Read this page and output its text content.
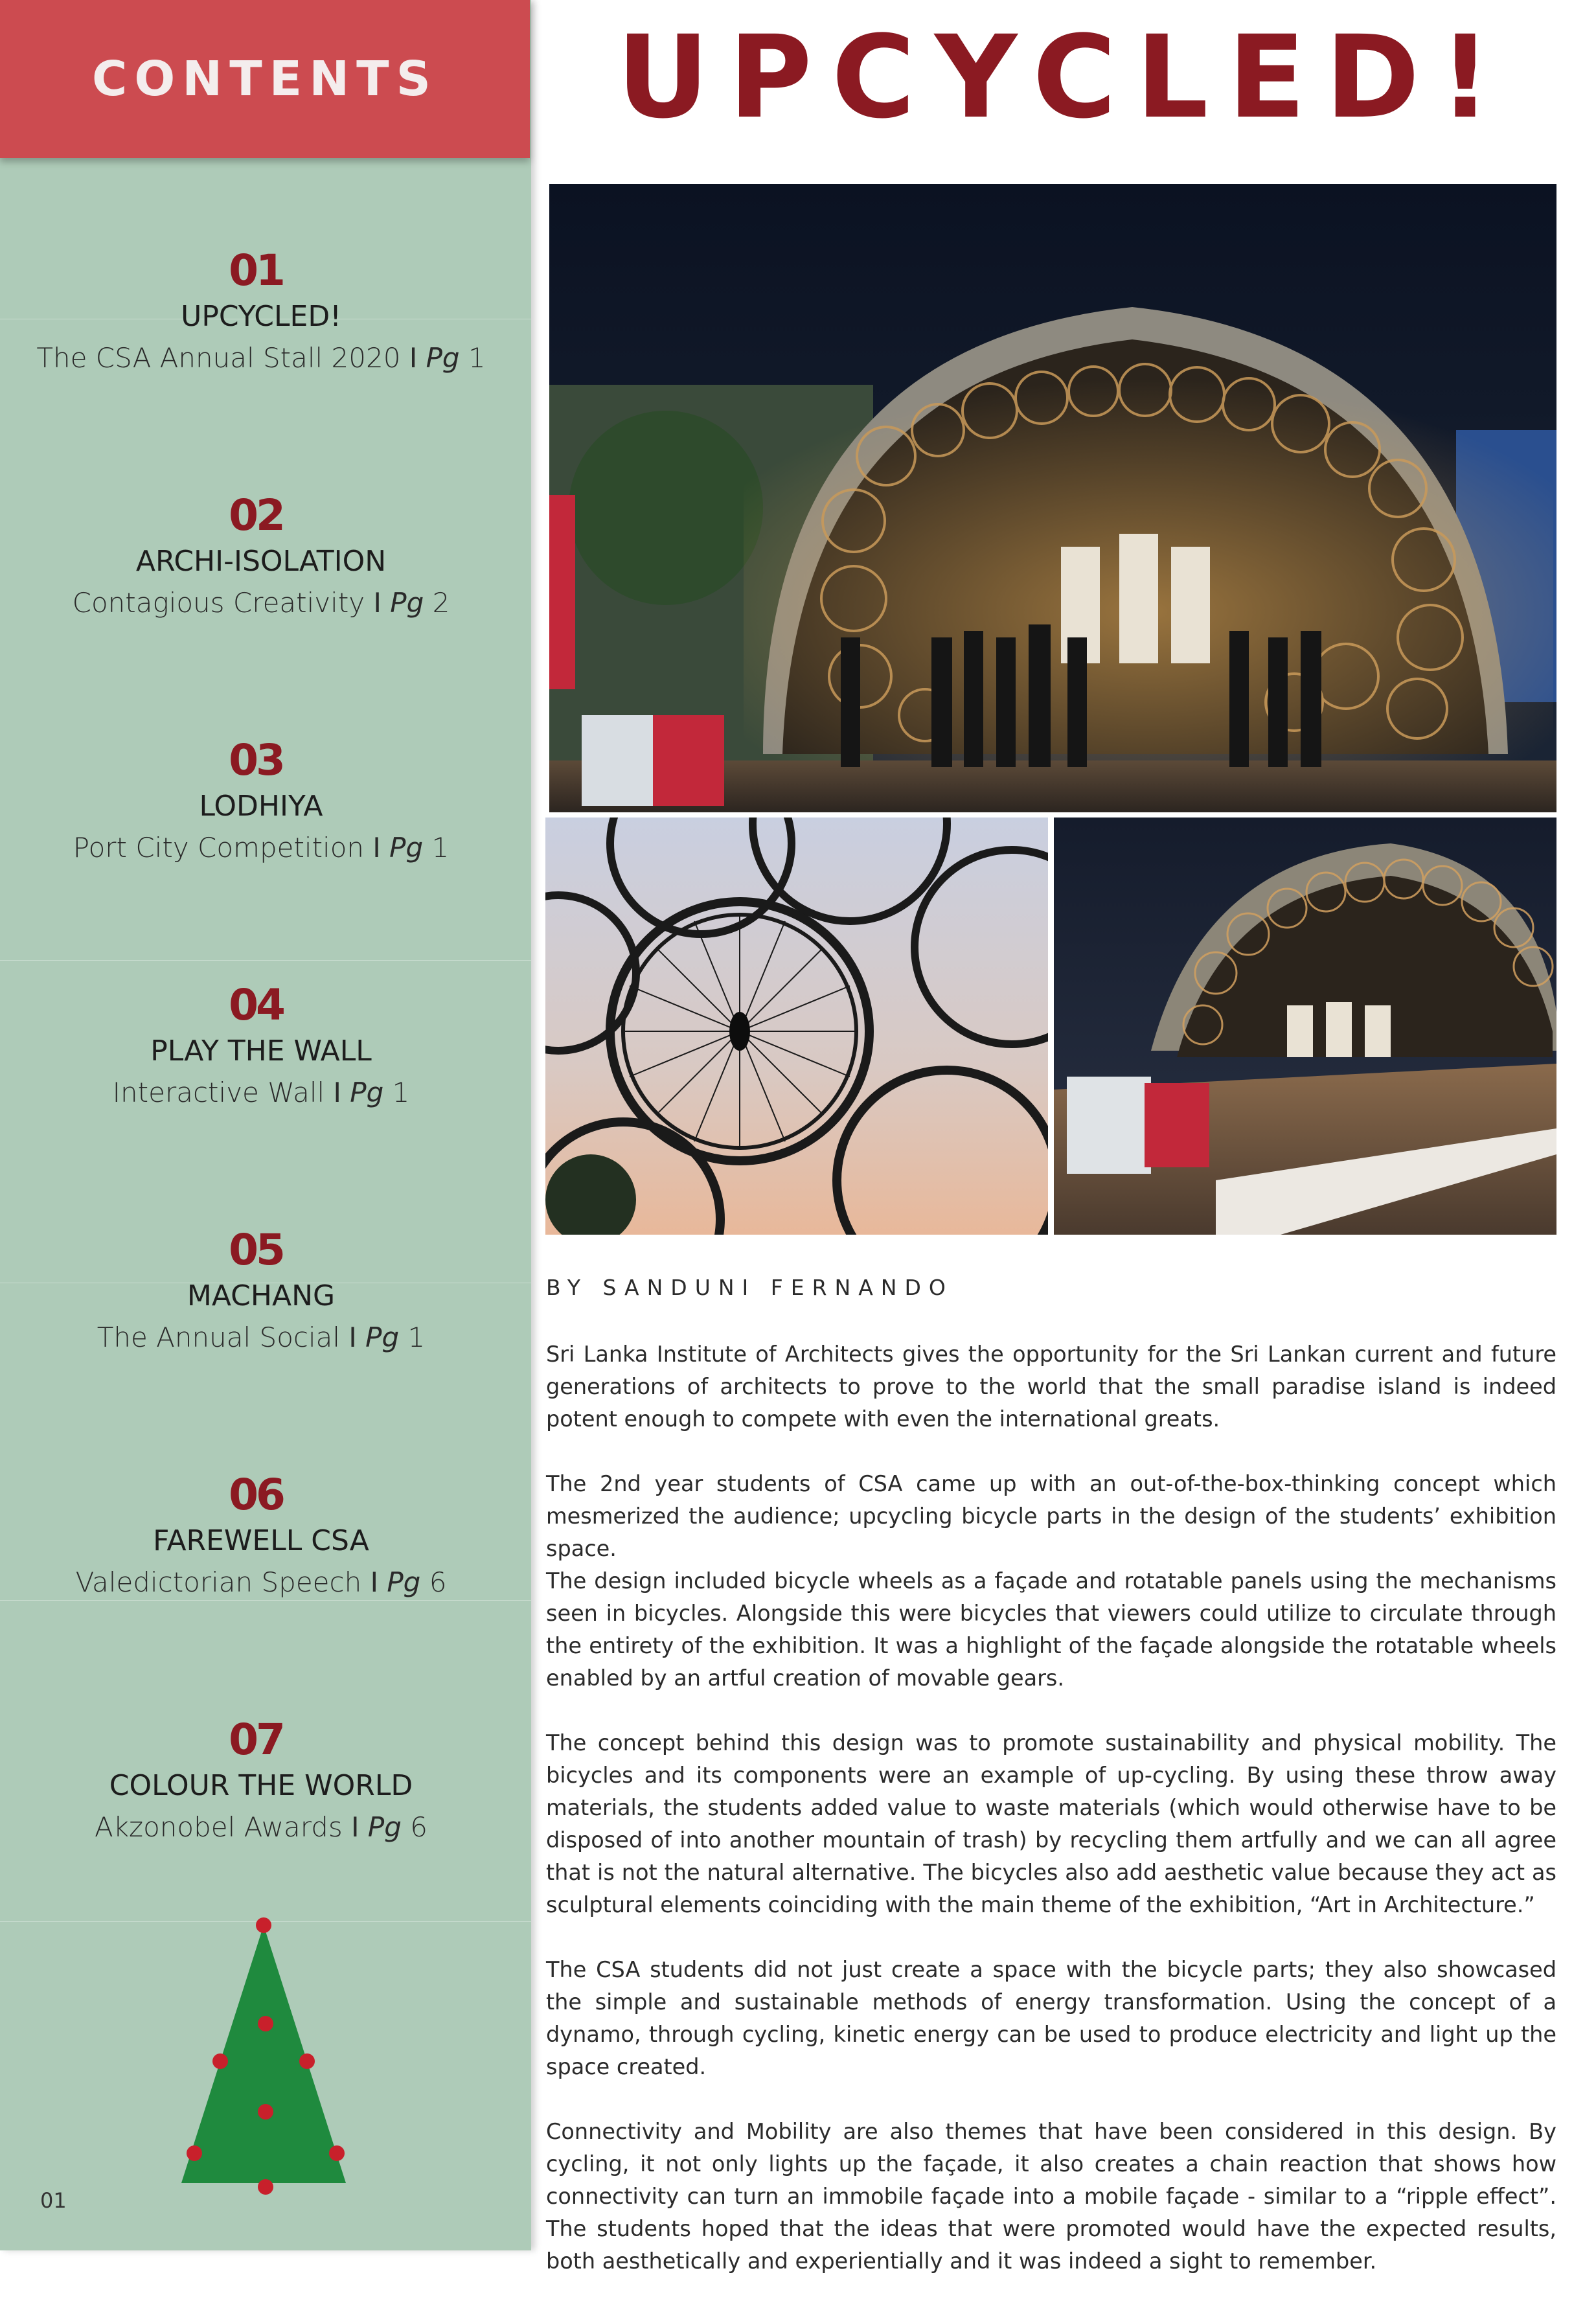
CONTENTS
01
UPCYCLED!
The CSA Annual Stall 2020 I Pg 1
02
ARCHI-ISOLATION
Contagious Creativity I Pg 2
03
LODHIYA
Port City Competition I Pg 1
04
PLAY THE WALL
Interactive Wall I Pg 1
05
MACHANG
The Annual Social I Pg 1
06
FAREWELL CSA
Valedictorian Speech I Pg 6
07
COLOUR THE WORLD
Akzonobel Awards I Pg 6
01
UPCYCLED!
BY SANDUNI FERNANDO

Sri Lanka Institute of Architects gives the opportunity for the Sri Lankan current and future generations of architects to prove to the world that the small paradise island is indeed potent enough to compete with even the international greats.

The 2nd year students of CSA came up with an out-of-the-box-thinking concept which mesmerized the audience; upcycling bicycle parts in the design of the students’ exhibition space.

The design included bicycle wheels as a façade and rotatable panels using the mechanisms seen in bicycles. Alongside this were bicycles that viewers could utilize to circulate through the entirety of the exhibition. It was a highlight of the façade alongside the rotatable wheels enabled by an artful creation of movable gears.

The concept behind this design was to promote sustainability and physical mobility. The bicycles and its components were an example of up-cycling. By using these throw away materials, the students added value to waste materials (which would otherwise have to be disposed of into another mountain of trash) by recycling them artfully and we can all agree that is not the natural alternative. The bicycles also add aesthetic value because they act as sculptural elements coinciding with the main theme of the exhibition, “Art in Architecture.”

The CSA students did not just create a space with the bicycle parts; they also showcased the simple and sustainable methods of energy transformation. Using the concept of a dynamo, through cycling, kinetic energy can be used to produce electricity and light up the space created.

Connectivity and Mobility are also themes that have been considered in this design. By cycling, it not only lights up the façade, it also creates a chain reaction that shows how connectivity can turn an immobile façade into a mobile façade - similar to a “ripple effect”. The students hoped that the ideas that were promoted would have the expected results, both aesthetically and experientially and it was indeed a sight to remember.
